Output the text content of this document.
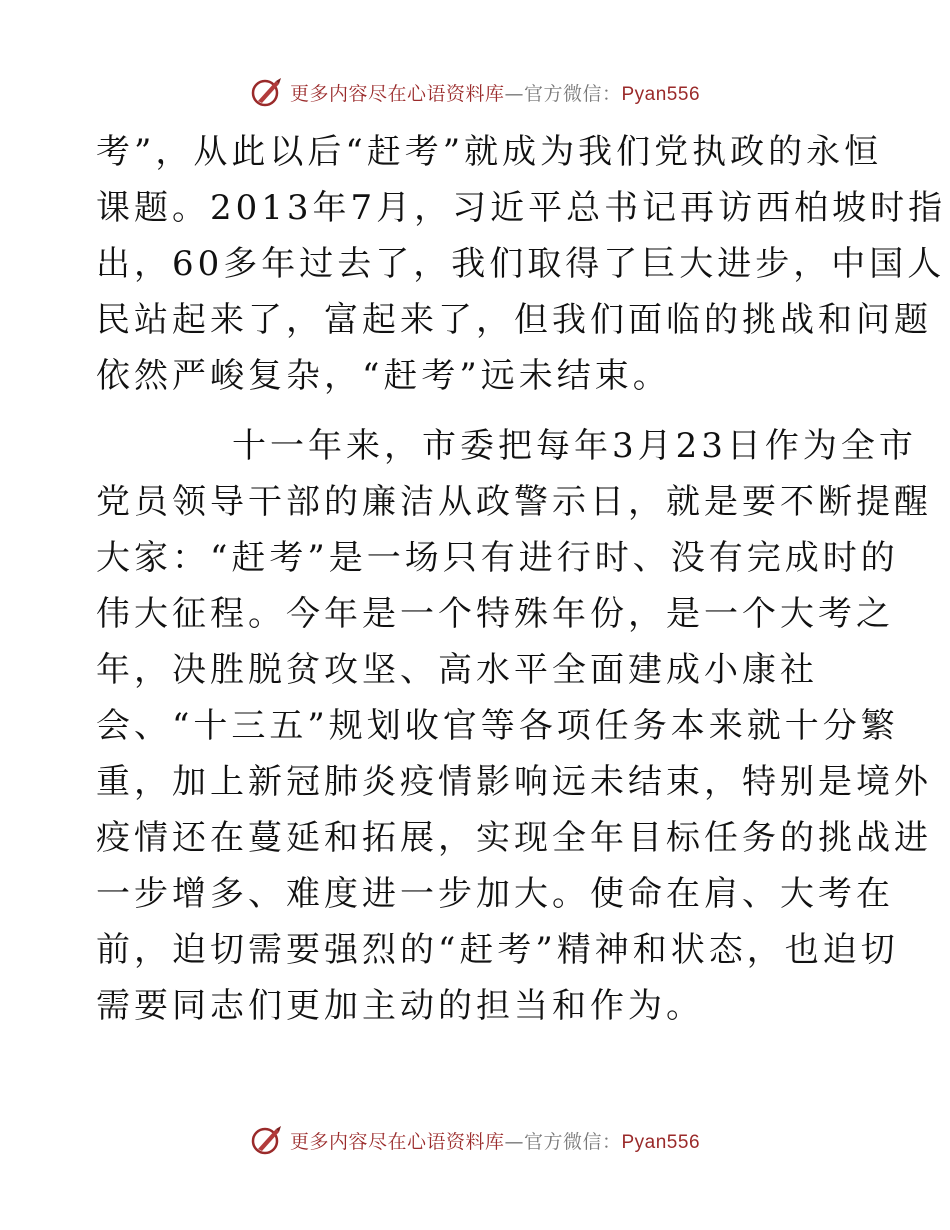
更多内容尽在心语资料库—官方微信：Pyan556
考”，从此以后“赶考”就成为我们党执政的永恒
课题。2013年7月，习近平总书记再访西柏坡时指
出，60多年过去了，我们取得了巨大进步，中国人
民站起来了，富起来了，但我们面临的挑战和问题
依然严峻复杂，“赶考”远未结束。
十一年来，市委把每年3月23日作为全市
党员领导干部的廉洁从政警示日，就是要不断提醒
大家：“赶考”是一场只有进行时、没有完成时的
伟大征程。今年是一个特殊年份，是一个大考之
年，决胜脱贫攻坚、高水平全面建成小康社
会、“十三五”规划收官等各项任务本来就十分繁
重，加上新冠肺炎疫情影响远未结束，特别是境外
疫情还在蔓延和拓展，实现全年目标任务的挑战进
一步增多、难度进一步加大。使命在肩、大考在
前，迫切需要强烈的“赶考”精神和状态，也迫切
需要同志们更加主动的担当和作为。
更多内容尽在心语资料库—官方微信：Pyan556
